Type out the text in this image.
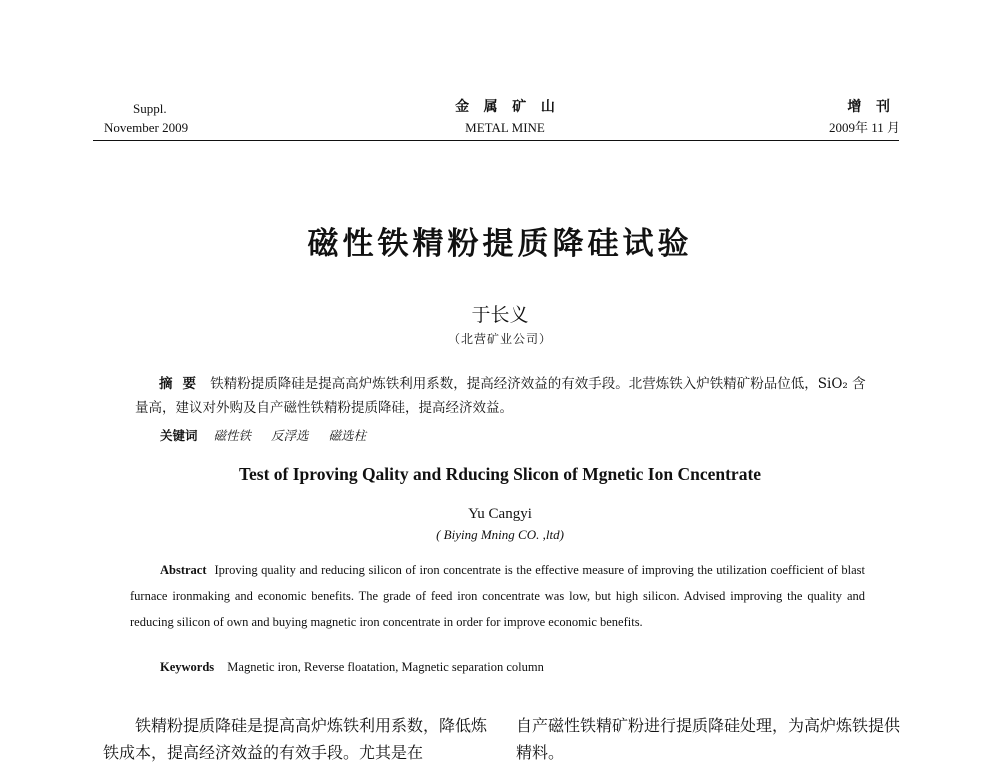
Suppl.
November 2009
金   属   矿   山
METAL MINE
增   刊
2009年 11 月
磁性铁精粉提质降硅试验
于长义
（北营矿业公司）
摘要 铁精粉提质降硅是提高高炉炼铁利用系数，提高经济效益的有效手段。北营炼铁入炉铁精矿粉品位低，SiO₂ 含量高，建议对外购及自产磁性铁精粉提质降硅，提高经济效益。
关键词 磁性铁 反浮选 磁选柱
Test of Iproving Qality and Rducing Slicon of Mgnetic Ion Cncentrate
Yu Cangyi
( Biying Mning CO. ,ltd)
Abstract Iproving quality and reducing silicon of iron concentrate is the effective measure of improving the utilization coefficient of blast furnace ironmaking and economic benefits. The grade of feed iron concentrate was low, but high silicon. Advised improving the quality and reducing silicon of own and buying magnetic iron concentrate in order for improve economic benefits.
Keywords Magnetic iron, Reverse floatation, Magnetic separation column
铁精粉提质降硅是提高高炉炼铁利用系数，降低炼铁成本，提高经济效益的有效手段。尤其是在
自产磁性铁精矿粉进行提质降硅处理，为高炉炼铁提供精料。
